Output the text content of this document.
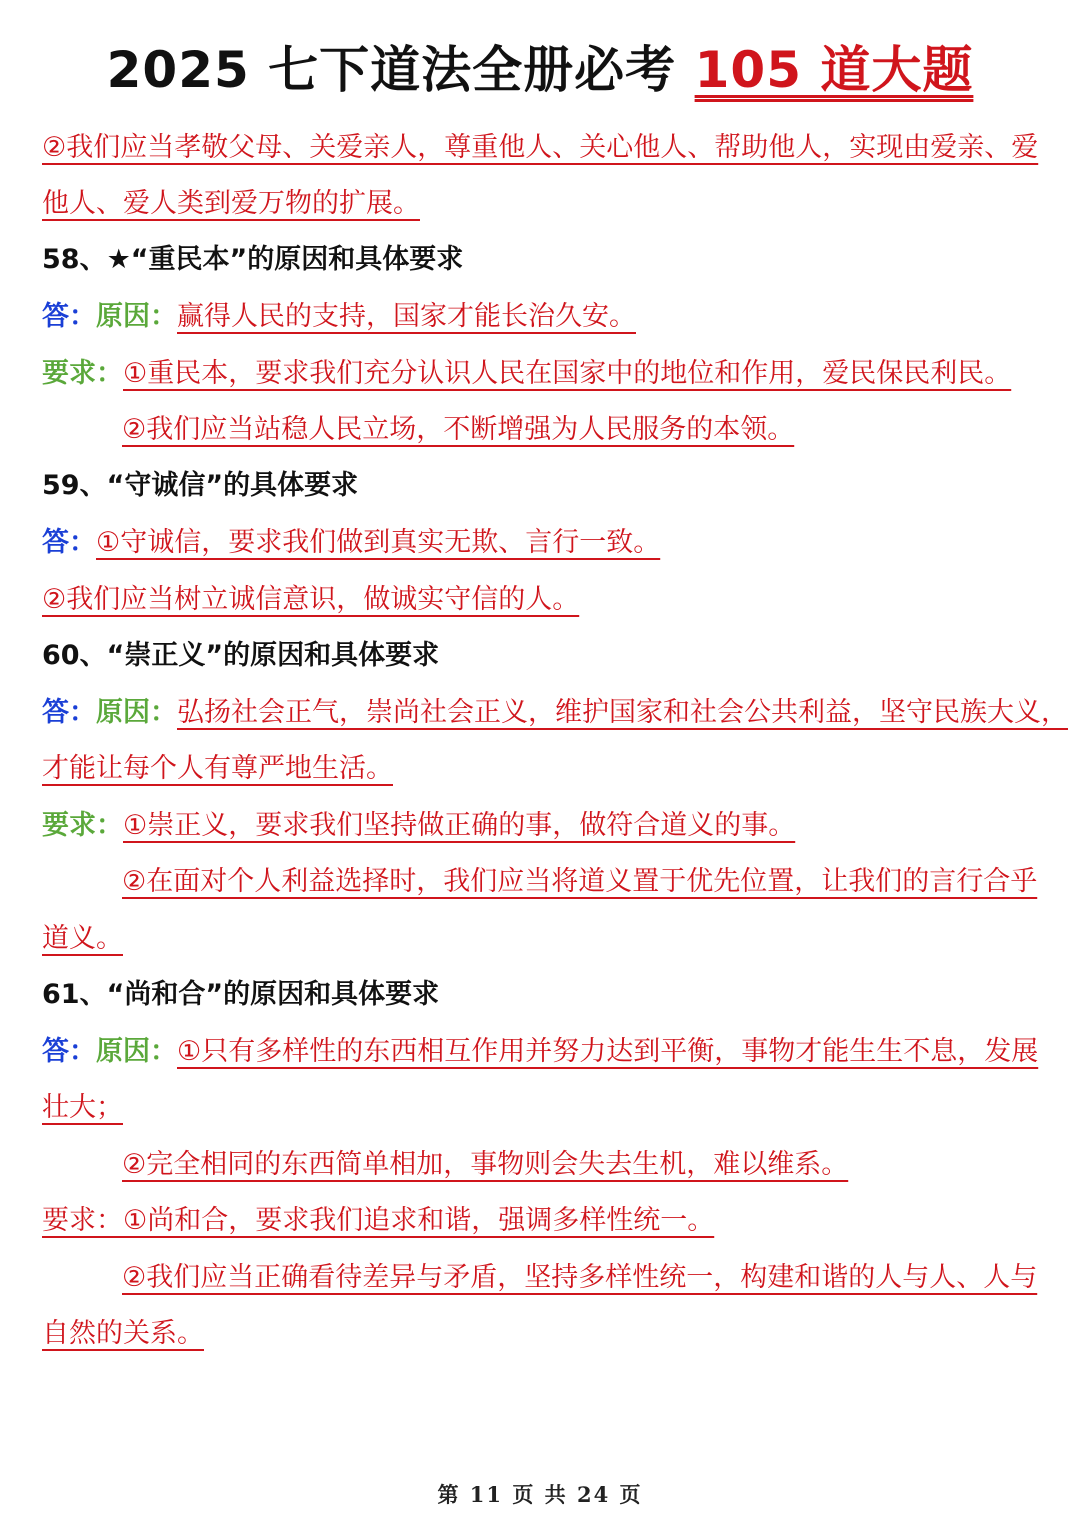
2025 七下道法全册必考 105 道大题
②我们应当孝敬父母、关爱亲人，尊重他人、关心他人、帮助他人，实现由爱亲、爱
他人、爱人类到爱万物的扩展。
58、★“重民本”的原因和具体要求
答：原因：赢得人民的支持，国家才能长治久安。
要求：①重民本，要求我们充分认识人民在国家中的地位和作用，爱民保民利民。
②我们应当站稳人民立场，不断增强为人民服务的本领。
59、“守诚信”的具体要求
答：①守诚信，要求我们做到真实无欺、言行一致。
②我们应当树立诚信意识，做诚实守信的人。
60、“崇正义”的原因和具体要求
答：原因：弘扬社会正气，崇尚社会正义，维护国家和社会公共利益，坚守民族大义，
才能让每个人有尊严地生活。
要求：①崇正义，要求我们坚持做正确的事，做符合道义的事。
②在面对个人利益选择时，我们应当将道义置于优先位置，让我们的言行合乎
道义。
61、“尚和合”的原因和具体要求
答：原因：①只有多样性的东西相互作用并努力达到平衡，事物才能生生不息，发展
壮大；
②完全相同的东西简单相加，事物则会失去生机，难以维系。
要求：①尚和合，要求我们追求和谐，强调多样性统一。
②我们应当正确看待差异与矛盾，坚持多样性统一，构建和谐的人与人、人与
自然的关系。
第 11 页 共 24 页
